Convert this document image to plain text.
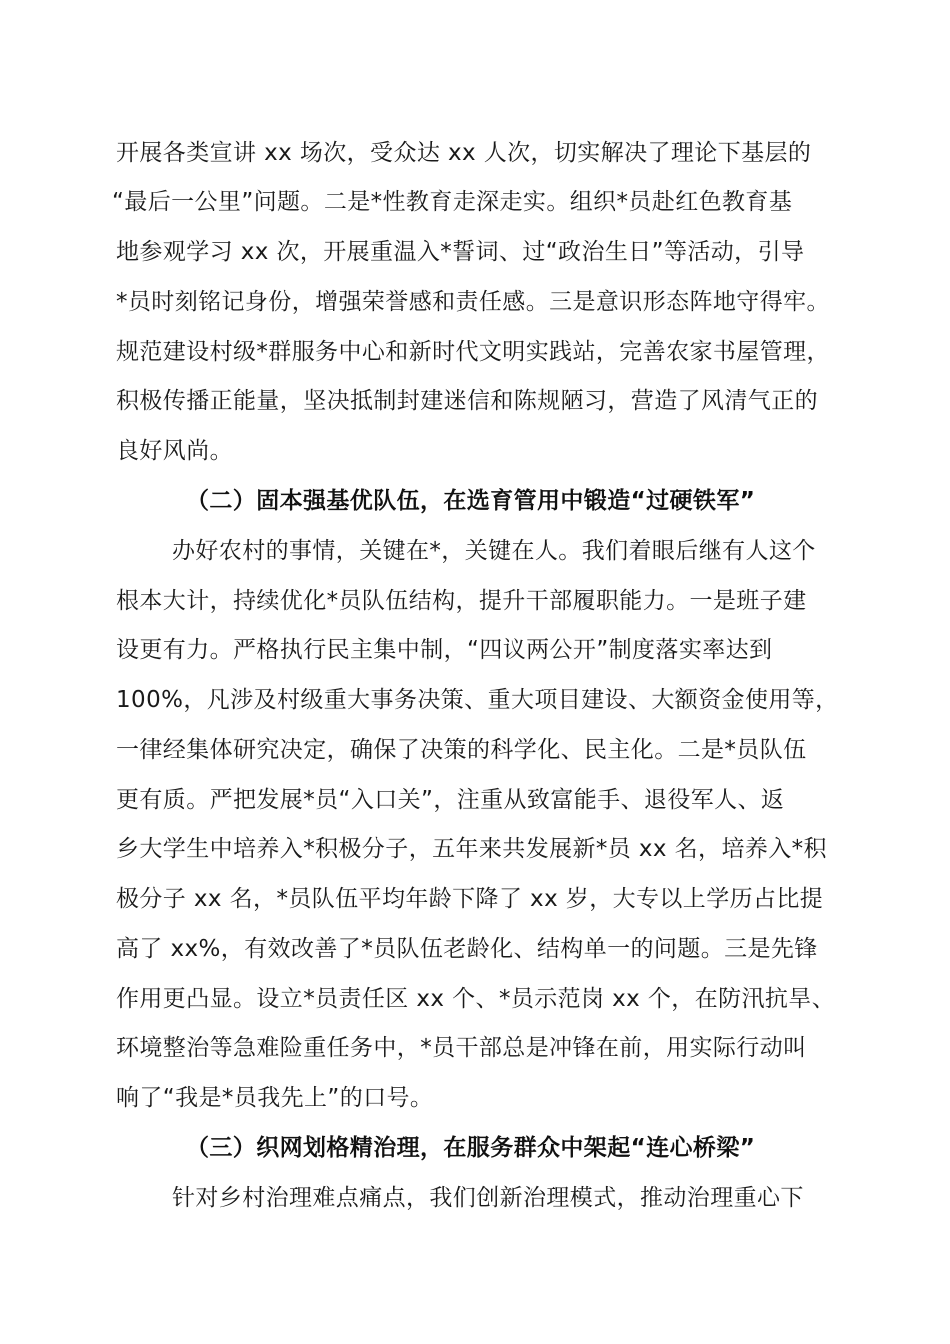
开展各类宣讲 xx 场次，受众达 xx 人次，切实解决了理论下基层的
“最后一公里”问题。二是*性教育走深走实。组织*员赴红色教育基
地参观学习 xx 次，开展重温入*誓词、过“政治生日”等活动，引导
*员时刻铭记身份，增强荣誉感和责任感。三是意识形态阵地守得牢。
规范建设村级*群服务中心和新时代文明实践站，完善农家书屋管理，
积极传播正能量，坚决抵制封建迷信和陈规陋习，营造了风清气正的
良好风尚。
（二）固本强基优队伍，在选育管用中锻造“过硬铁军”
办好农村的事情，关键在*，关键在人。我们着眼后继有人这个
根本大计，持续优化*员队伍结构，提升干部履职能力。一是班子建
设更有力。严格执行民主集中制，“四议两公开”制度落实率达到
100%，凡涉及村级重大事务决策、重大项目建设、大额资金使用等，
一律经集体研究决定，确保了决策的科学化、民主化。二是*员队伍
更有质。严把发展*员“入口关”，注重从致富能手、退役军人、返
乡大学生中培养入*积极分子，五年来共发展新*员 xx 名，培养入*积
极分子 xx 名，*员队伍平均年龄下降了 xx 岁，大专以上学历占比提
高了 xx%，有效改善了*员队伍老龄化、结构单一的问题。三是先锋
作用更凸显。设立*员责任区 xx 个、*员示范岗 xx 个，在防汛抗旱、
环境整治等急难险重任务中，*员干部总是冲锋在前，用实际行动叫
响了“我是*员我先上”的口号。
（三）织网划格精治理，在服务群众中架起“连心桥梁”
针对乡村治理难点痛点，我们创新治理模式，推动治理重心下
